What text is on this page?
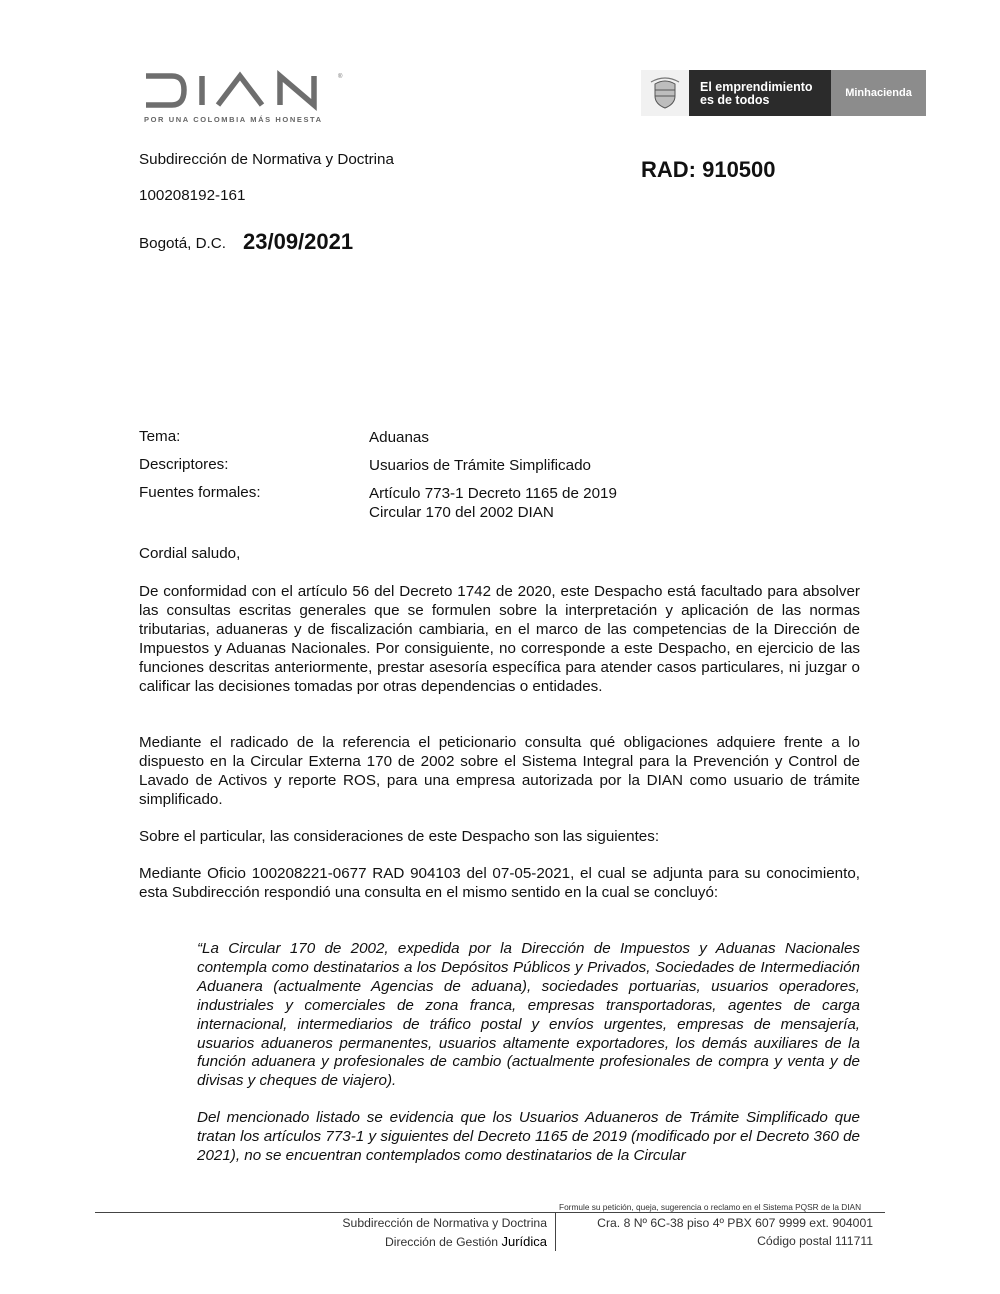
®
POR UNA COLOMBIA MÁS HONESTA
El emprendimiento
es de todos	Minhacienda
Subdirección de Normativa y Doctrina	RAD: 910500
100208192-161
Bogotá, D.C. 23/09/2021
Tema:	Aduanas
Descriptores:	Usuarios de Trámite Simplificado
Fuentes formales:	Artículo 773-1 Decreto 1165 de 2019
Circular 170 del 2002 DIAN
Cordial saludo,
De conformidad con el artículo 56 del Decreto 1742 de 2020, este Despacho está facultado para absolver las consultas escritas generales que se formulen sobre la interpretación y aplicación de las normas tributarias, aduaneras y de fiscalización cambiaria, en el marco de las competencias de la Dirección de Impuestos y Aduanas Nacionales. Por consiguiente, no corresponde a este Despacho, en ejercicio de las funciones descritas anteriormente, prestar asesoría específica para atender casos particulares, ni juzgar o calificar las decisiones tomadas por otras dependencias o entidades.
Mediante el radicado de la referencia el peticionario consulta qué obligaciones adquiere frente a lo dispuesto en la Circular Externa 170 de 2002 sobre el Sistema Integral para la Prevención y Control de Lavado de Activos y reporte ROS, para una empresa autorizada por la DIAN como usuario de trámite simplificado.
Sobre el particular, las consideraciones de este Despacho son las siguientes:
Mediante Oficio 100208221-0677 RAD 904103 del 07-05-2021, el cual se adjunta para su conocimiento, esta Subdirección respondió una consulta en el mismo sentido en la cual se concluyó:
“La Circular 170 de 2002, expedida por la Dirección de Impuestos y Aduanas Nacionales contempla como destinatarios a los Depósitos Públicos y Privados, Sociedades de Intermediación Aduanera (actualmente Agencias de aduana), sociedades portuarias, usuarios operadores, industriales y comerciales de zona franca, empresas transportadoras, agentes de carga internacional, intermediarios de tráfico postal y envíos urgentes, empresas de mensajería, usuarios aduaneros permanentes, usuarios altamente exportadores, los demás auxiliares de la función aduanera y profesionales de cambio (actualmente profesionales de compra y venta y de divisas y cheques de viajero).
Del mencionado listado se evidencia que los Usuarios Aduaneros de Trámite Simplificado que tratan los artículos 773-1 y siguientes del Decreto 1165 de 2019 (modificado por el Decreto 360 de 2021), no se encuentran contemplados como destinatarios de la Circular
Formule su petición, queja, sugerencia o reclamo en el Sistema PQSR de la DIAN
Subdirección de Normativa y Doctrina
Dirección de Gestión Jurídica
Cra. 8 Nº 6C-38 piso 4º PBX 607 9999 ext. 904001
Código postal 111711
